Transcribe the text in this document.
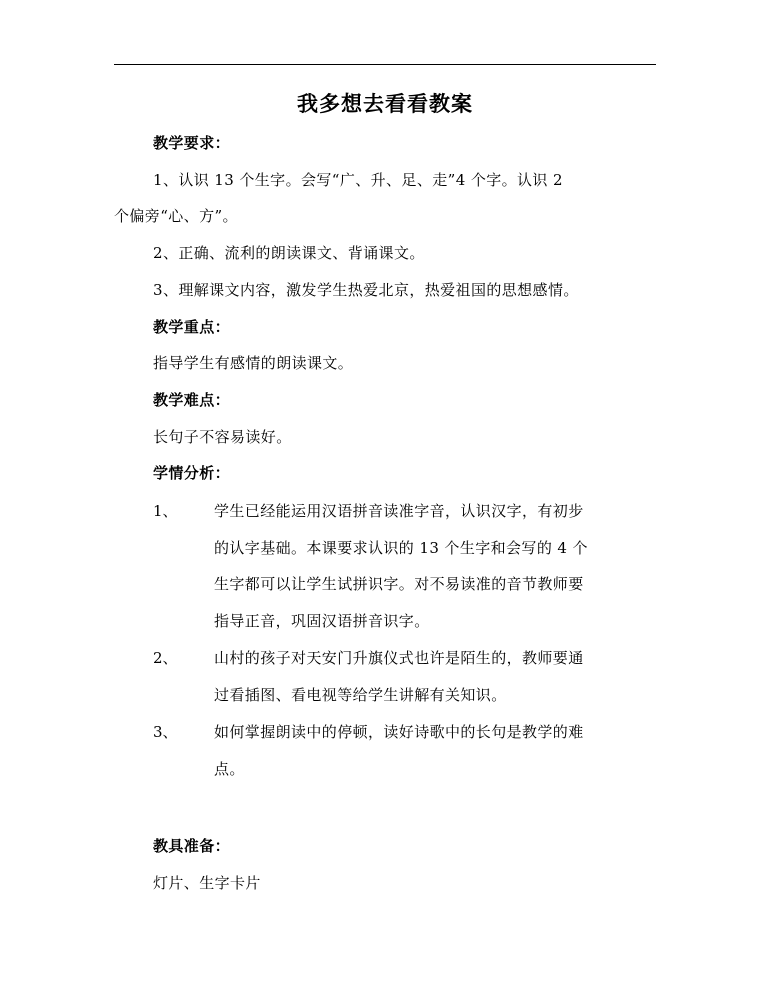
我多想去看看教案
教学要求：
1、认识 13 个生字。会写“广、升、足、走”4 个字。认识 2
个偏旁“心、方”。
2、正确、流利的朗读课文、背诵课文。
3、理解课文内容，激发学生热爱北京，热爱祖国的思想感情。
教学重点：
指导学生有感情的朗读课文。
教学难点：
长句子不容易读好。
学情分析：
1、 学生已经能运用汉语拼音读准字音，认识汉字，有初步
的认字基础。本课要求认识的 13 个生字和会写的 4 个
生字都可以让学生试拼识字。对不易读准的音节教师要
指导正音，巩固汉语拼音识字。
2、 山村的孩子对天安门升旗仪式也许是陌生的，教师要通
过看插图、看电视等给学生讲解有关知识。
3、 如何掌握朗读中的停顿，读好诗歌中的长句是教学的难
点。
教具准备：
灯片、生字卡片
